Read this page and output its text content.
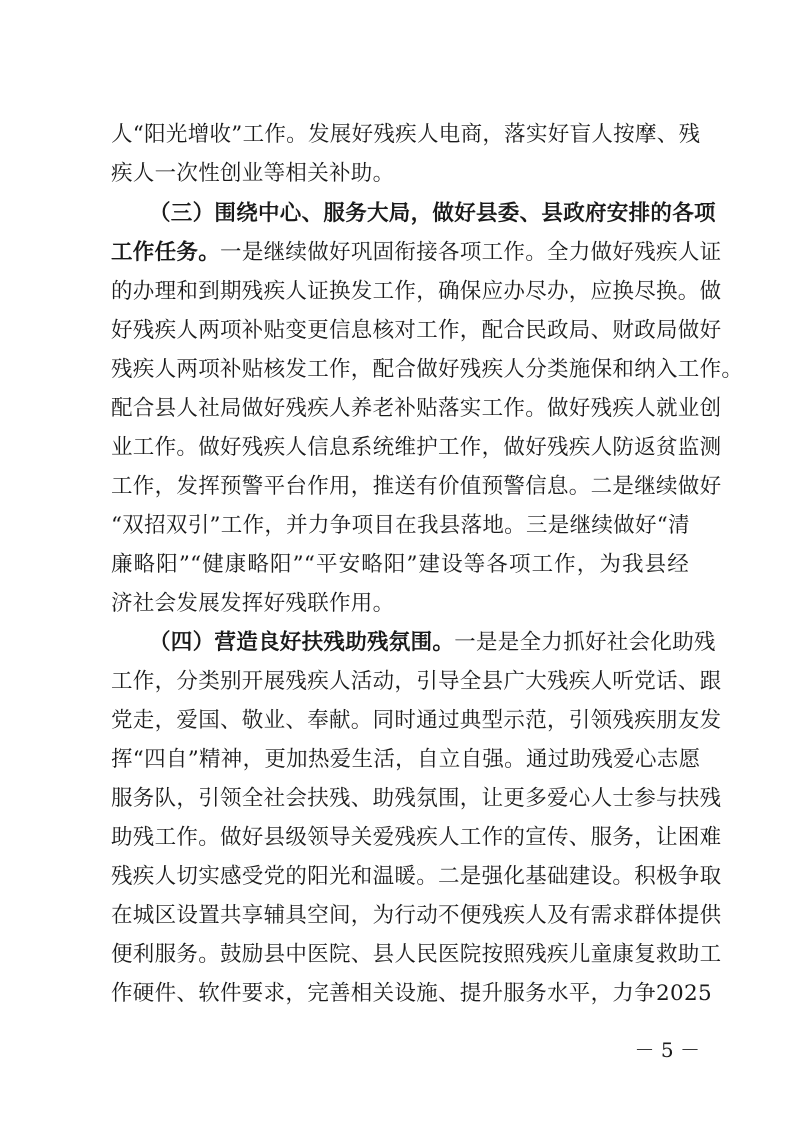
人“阳光增收”工作。发展好残疾人电商，落实好盲人按摩、残
疾人一次性创业等相关补助。
（三）围绕中心、服务大局，做好县委、县政府安排的各项
工作任务。一是继续做好巩固衔接各项工作。全力做好残疾人证
的办理和到期残疾人证换发工作，确保应办尽办，应换尽换。做
好残疾人两项补贴变更信息核对工作，配合民政局、财政局做好
残疾人两项补贴核发工作，配合做好残疾人分类施保和纳入工作。
配合县人社局做好残疾人养老补贴落实工作。做好残疾人就业创
业工作。做好残疾人信息系统维护工作，做好残疾人防返贫监测
工作，发挥预警平台作用，推送有价值预警信息。二是继续做好
“双招双引”工作，并力争项目在我县落地。三是继续做好“清
廉略阳”“健康略阳”“平安略阳”建设等各项工作，为我县经
济社会发展发挥好残联作用。
（四）营造良好扶残助残氛围。一是是全力抓好社会化助残
工作，分类别开展残疾人活动，引导全县广大残疾人听党话、跟
党走，爱国、敬业、奉献。同时通过典型示范，引领残疾朋友发
挥“四自”精神，更加热爱生活，自立自强。通过助残爱心志愿
服务队，引领全社会扶残、助残氛围，让更多爱心人士参与扶残
助残工作。做好县级领导关爱残疾人工作的宣传、服务，让困难
残疾人切实感受党的阳光和温暖。二是强化基础建设。积极争取
在城区设置共享辅具空间，为行动不便残疾人及有需求群体提供
便利服务。鼓励县中医院、县人民医院按照残疾儿童康复救助工
作硬件、软件要求，完善相关设施、提升服务水平，力争2025
－ 5 －
